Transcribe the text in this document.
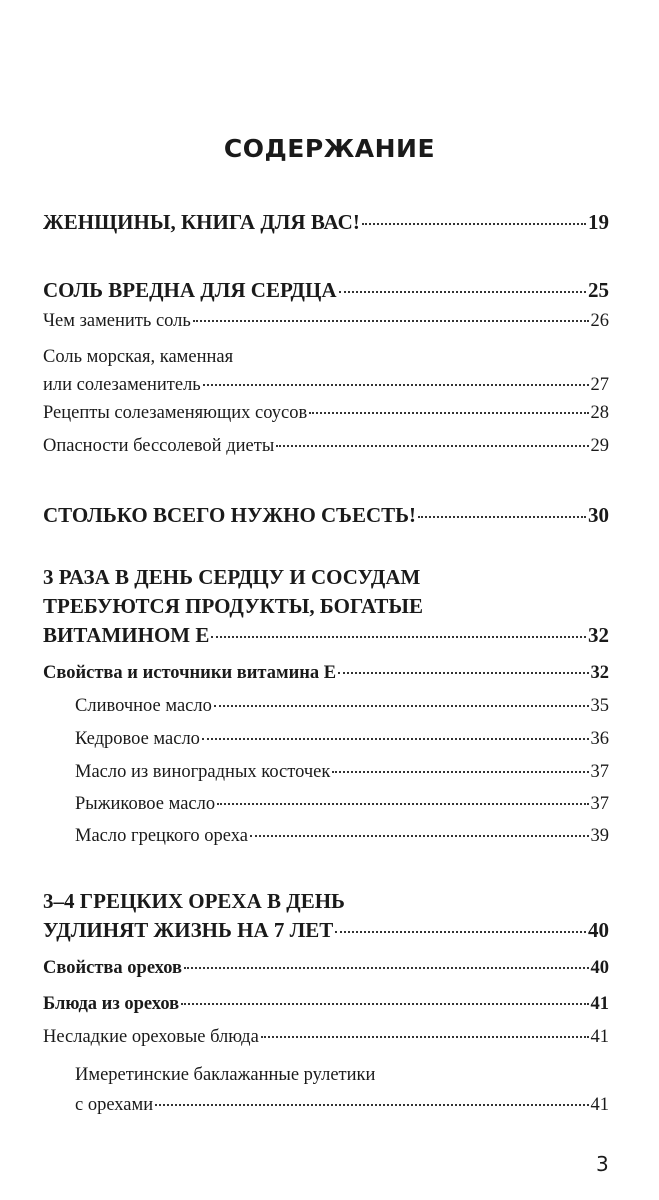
СОДЕРЖАНИЕ
ЖЕНЩИНЫ, КНИГА ДЛЯ ВАС!	19
СОЛЬ ВРЕДНА ДЛЯ СЕРДЦА	25
Чем заменить соль	26
Соль морская, каменная
или солезаменитель	27
Рецепты солезаменяющих соусов	28
Опасности бессолевой диеты	29
СТОЛЬКО ВСЕГО НУЖНО СЪЕСТЬ!	30
3 РАЗА В ДЕНЬ СЕРДЦУ И СОСУДАМ
ТРЕБУЮТСЯ ПРОДУКТЫ, БОГАТЫЕ
ВИТАМИНОМ Е	32
Свойства и источники витамина Е	32
Сливочное масло	35
Кедровое масло	36
Масло из виноградных косточек	37
Рыжиковое масло	37
Масло грецкого ореха	39
3–4 ГРЕЦКИХ ОРЕХА В ДЕНЬ
УДЛИНЯТ ЖИЗНЬ НА 7 ЛЕТ	40
Свойства орехов	40
Блюда из орехов	41
Несладкие ореховые блюда	41
Имеретинские баклажанные рулетики
с орехами	41
3
